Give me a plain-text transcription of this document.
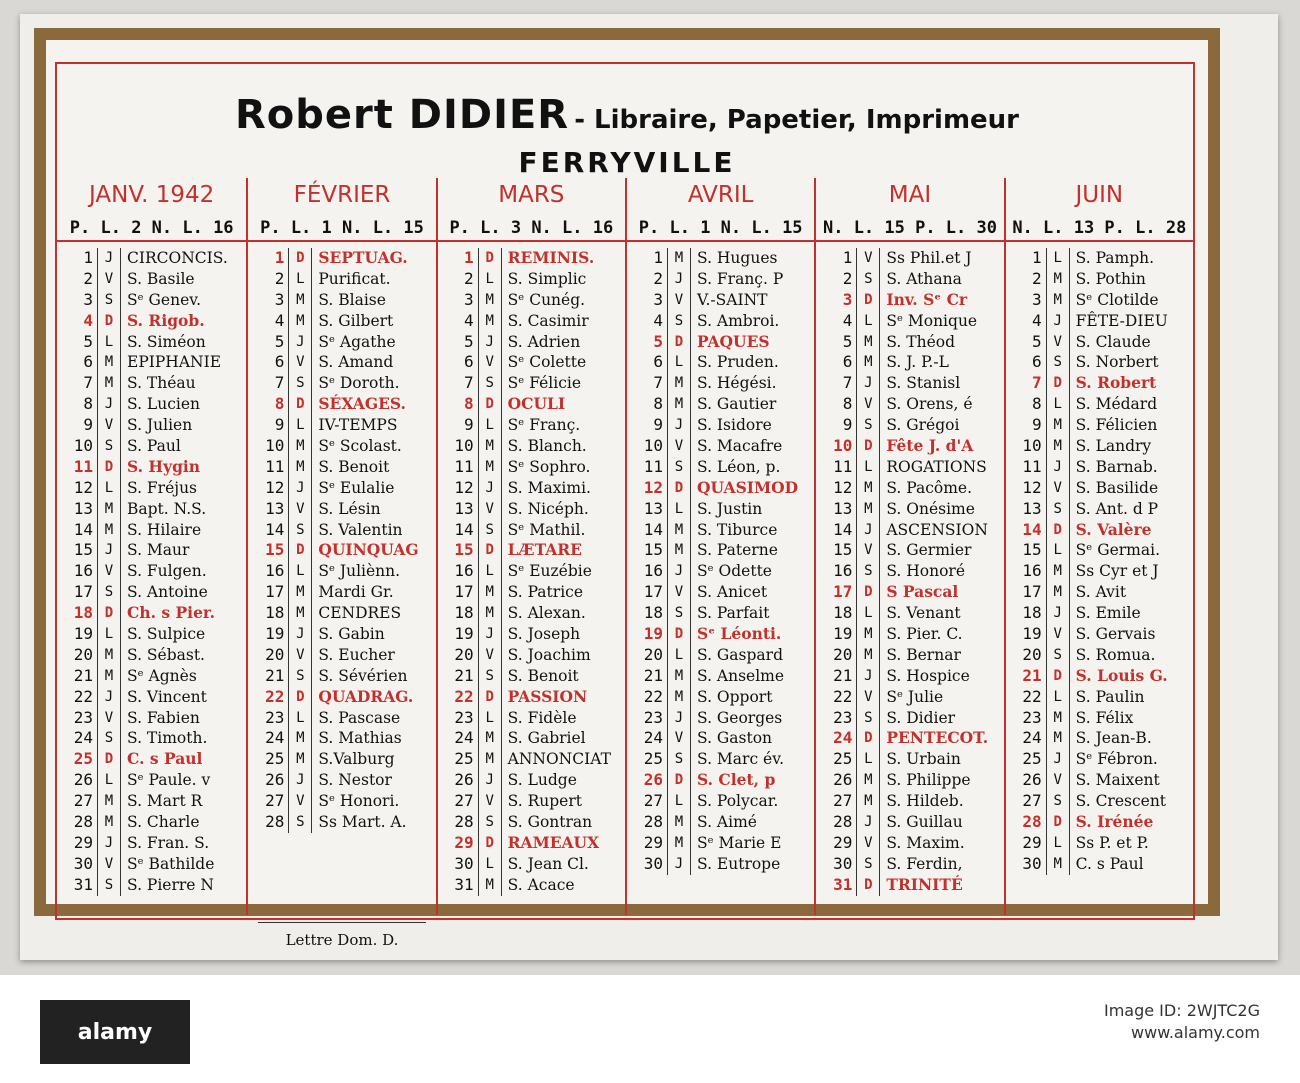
Robert DIDIER - Libraire, Papetier, Imprimeur
FERRYVILLE
JANV. 1942
P. L. 2 N. L. 16
1 J CIRCONCIS.
2 V S. Basile
3 S Sᵉ Genev.
4 D S. Rigob.
5 L S. Siméon
6 M EPIPHANIE
7 M S. Théau
8 J S. Lucien
9 V S. Julien
10 S S. Paul
11 D S. Hygin
12 L S. Fréjus
13 M Bapt. N.S.
14 M S. Hilaire
15 J S. Maur
16 V S. Fulgen.
17 S S. Antoine
18 D Ch. s Pier.
19 L S. Sulpice
20 M S. Sébast.
21 M Sᵉ Agnès
22 J S. Vincent
23 V S. Fabien
24 S S. Timoth.
25 D C. s Paul
26 L Sᵉ Paule. v
27 M S. Mart R
28 M S. Charle
29 J S. Fran. S.
30 V Sᵉ Bathilde
31 S S. Pierre N
FÉVRIER
P. L. 1 N. L. 15
1 D SEPTUAG.
2 L Purificat.
3 M S. Blaise
4 M S. Gilbert
5 J Sᵉ Agathe
6 V S. Amand
7 S Sᵉ Doroth.
8 D SÉXAGES.
9 L IV-TEMPS
10 M Sᵉ Scolast.
11 M S. Benoit
12 J Sᵉ Eulalie
13 V S. Lésin
14 S S. Valentin
15 D QUINQUAG
16 L Sᵉ Juliènn.
17 M Mardi Gr.
18 M CENDRES
19 J S. Gabin
20 V S. Eucher
21 S S. Sévérien
22 D QUADRAG.
23 L S. Pascase
24 M S. Mathias
25 M S.Valburg
26 J S. Nestor
27 V Sᵉ Honori.
28 S Ss Mart. A.
Lettre Dom. D.
MARS
P. L. 3 N. L. 16
1 D REMINIS.
2 L S. Simplic
3 M Sᵉ Cunég.
4 M S. Casimir
5 J S. Adrien
6 V Sᵉ Colette
7 S Sᵉ Félicie
8 D OCULI
9 L Sᵉ Franç.
10 M S. Blanch.
11 M Sᵉ Sophro.
12 J S. Maximi.
13 V S. Nicéph.
14 S Sᵉ Mathil.
15 D LÆTARE
16 L Sᵉ Euzébie
17 M S. Patrice
18 M S. Alexan.
19 J S. Joseph
20 V S. Joachim
21 S S. Benoit
22 D PASSION
23 L S. Fidèle
24 M S. Gabriel
25 M ANNONCIAT
26 J S. Ludge
27 V S. Rupert
28 S S. Gontran
29 D RAMEAUX
30 L S. Jean Cl.
31 M S. Acace
AVRIL
P. L. 1 N. L. 15
1 M S. Hugues
2 J S. Franç. P
3 V V.-SAINT
4 S S. Ambroi.
5 D PAQUES
6 L S. Pruden.
7 M S. Hégési.
8 M S. Gautier
9 J S. Isidore
10 V S. Macafre
11 S S. Léon, p.
12 D QUASIMOD
13 L S. Justin
14 M S. Tiburce
15 M S. Paterne
16 J Sᵉ Odette
17 V S. Anicet
18 S S. Parfait
19 D Sᵉ Léonti.
20 L S. Gaspard
21 M S. Anselme
22 M S. Opport
23 J S. Georges
24 V S. Gaston
25 S S. Marc év.
26 D S. Clet, p
27 L S. Polycar.
28 M S. Aimé
29 M Sᵉ Marie E
30 J S. Eutrope
MAI
N. L. 15 P. L. 30
1 V Ss Phil.et J
2 S S. Athana
3 D Inv. Sᵉ Cr
4 L Sᵉ Monique
5 M S. Théod
6 M S. J. P.-L
7 J S. Stanisl
8 V S. Orens, é
9 S S. Grégoi
10 D Fête J. d'A
11 L ROGATIONS
12 M S. Pacôme.
13 M S. Onésime
14 J ASCENSION
15 V S. Germier
16 S S. Honoré
17 D S Pascal
18 L S. Venant
19 M S. Pier. C.
20 M S. Bernar
21 J S. Hospice
22 V Sᵉ Julie
23 S S. Didier
24 D PENTECOT.
25 L S. Urbain
26 M S. Philippe
27 M S. Hildeb.
28 J S. Guillau
29 V S. Maxim.
30 S S. Ferdin,
31 D TRINITÉ
JUIN
N. L. 13 P. L. 28
1 L S. Pamph.
2 M S. Pothin
3 M Sᵉ Clotilde
4 J FÊTE-DIEU
5 V S. Claude
6 S S. Norbert
7 D S. Robert
8 L S. Médard
9 M S. Félicien
10 M S. Landry
11 J S. Barnab.
12 V S. Basilide
13 S S. Ant. d P
14 D S. Valère
15 L Sᵉ Germai.
16 M Ss Cyr et J
17 M S. Avit
18 J S. Emile
19 V S. Gervais
20 S S. Romua.
21 D S. Louis G.
22 L S. Paulin
23 M S. Félix
24 M S. Jean-B.
25 J Sᵉ Fébron.
26 V S. Maixent
27 S S. Crescent
28 D S. Irénée
29 L Ss P. et P.
30 M C. s Paul
alamy
Image ID: 2WJTC2G
www.alamy.com
